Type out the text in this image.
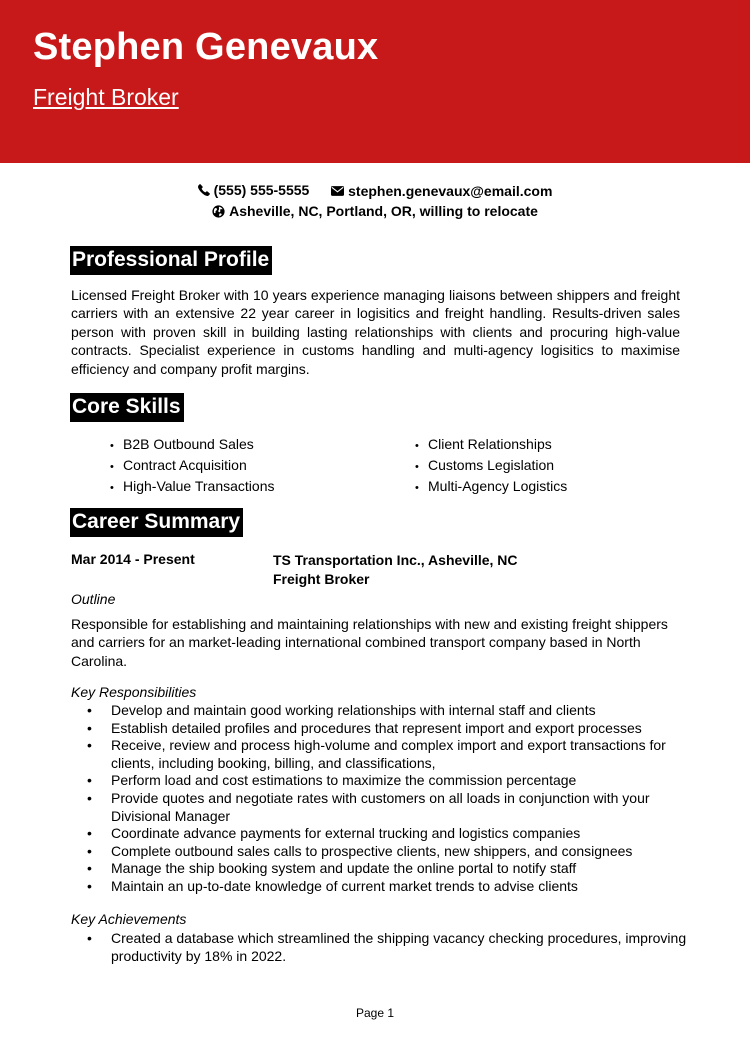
Stephen Genevaux
Freight Broker
(555) 555-5555
	stephen.genevaux@email.com
Asheville, NC, Portland, OR, willing to relocate
Professional Profile
Licensed Freight Broker with 10 years experience managing liaisons between shippers and freight carriers with an extensive 22 year career in logisitics and freight handling. Results-driven sales person with proven skill in building lasting relationships with clients and procuring high-value contracts. Specialist experience in customs handling and multi-agency logisitics to maximise efficiency and company profit margins.
Core Skills
• B2B Outbound Sales
• Contract Acquisition
• High-Value Transactions
• Client Relationships
• Customs Legislation
• Multi-Agency Logistics
Career Summary
Mar 2014 - Present	TS Transportation Inc., Asheville, NC
Freight Broker
Outline
Responsible for establishing and maintaining relationships with new and existing freight shippers and carriers for an market-leading international combined transport company based in North Carolina.
Key Responsibilities
• Develop and maintain good working relationships with internal staff and clients
• Establish detailed profiles and procedures that represent import and export processes
• Receive, review and process high-volume and complex import and export transactions for clients, including booking, billing, and classifications,
• Perform load and cost estimations to maximize the commission percentage
• Provide quotes and negotiate rates with customers on all loads in conjunction with your Divisional Manager
• Coordinate advance payments for external trucking and logistics companies
• Complete outbound sales calls to prospective clients, new shippers, and consignees
• Manage the ship booking system and update the online portal to notify staff
• Maintain an up-to-date knowledge of current market trends to advise clients
Key Achievements
• Created a database which streamlined the shipping vacancy checking procedures, improving productivity by 18% in 2022.
Page 1
